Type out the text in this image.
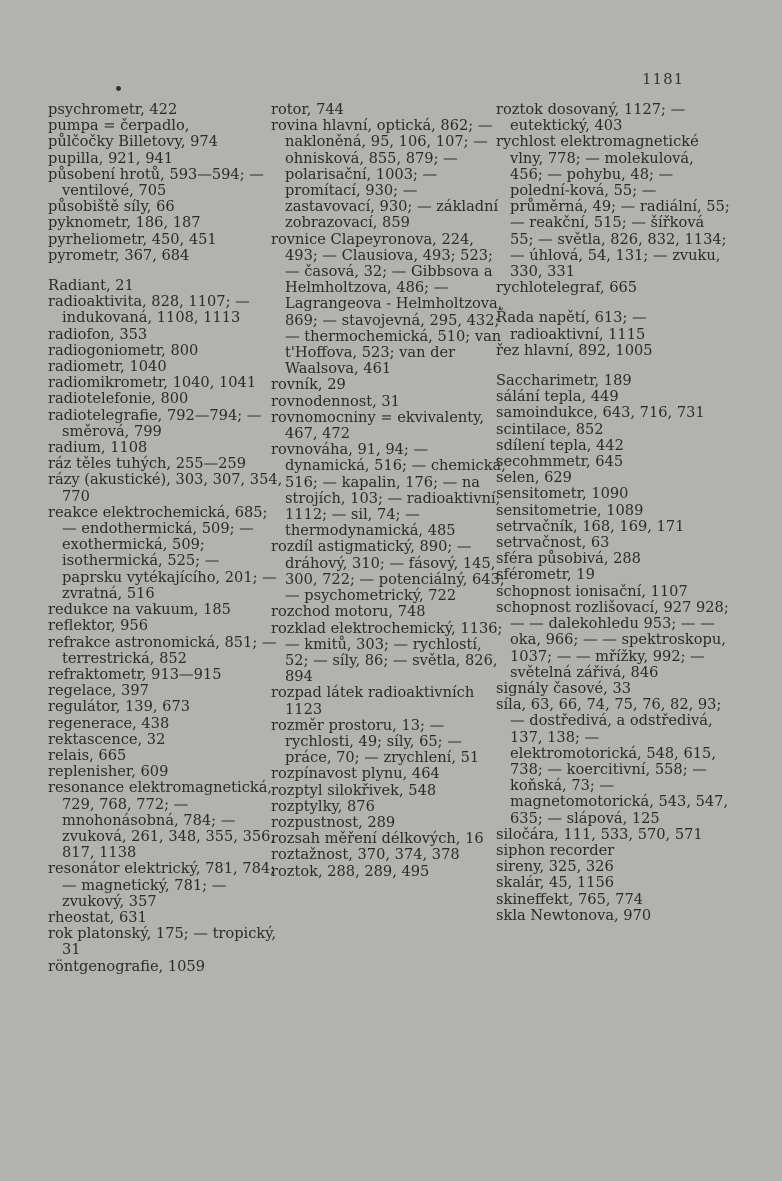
1181
psychrometr, 422
pumpa = čerpadlo,
půlčočky Billetovy, 974
pupilla, 921, 941
působení hrotů, 593—594; — ventilové, 705
působiště síly, 66
pyknometr, 186, 187
pyrheliometr, 450, 451
pyrometr, 367, 684
Radiant, 21
radioaktivita, 828, 1107; — indukovaná, 1108, 1113
radiofon, 353
radiogoniometr, 800
radiometr, 1040
radiomikrometr, 1040, 1041
radiotelefonie, 800
radiotelegrafie, 792—794; — směrová, 799
radium, 1108
ráz těles tuhých, 255—259
rázy (akustické), 303, 307, 354, 770
reakce elektrochemická, 685; — endothermická, 509; — exothermická, 509; isothermická, 525; — paprsku vytékajícího, 201; — zvratná, 516
redukce na vakuum, 185
reflektor, 956
refrakce astronomická, 851; — terrestrická, 852
refraktometr, 913—915
regelace, 397
regulátor, 139, 673
regenerace, 438
rektascence, 32
relais, 665
replenisher, 609
resonance elektromagnetická, 729, 768, 772; — mnohonásobná, 784; — zvuková, 261, 348, 355, 356, 817, 1138
resonátor elektrický, 781, 784; — magnetický, 781; — zvukový, 357
rheostat, 631
rok platonský, 175; — tropický, 31
röntgenografie, 1059
rotor, 744
rovina hlavní, optická, 862; — nakloněná, 95, 106, 107; — ohnisková, 855, 879; — polarisační, 1003; — promítací, 930; — zastavovací, 930; — základní zobrazovací, 859
rovnice Clapeyronova, 224, 493; — Clausiova, 493; 523; — časová, 32; — Gibbsova a Helmholtzova, 486; — Lagrangeova - Helmholtzova, 869; — stavojevná, 295, 432; — thermochemická, 510; van t'Hoffova, 523; van der Waalsova, 461
rovník, 29
rovnodennost, 31
rovnomocniny = ekvivalenty, 467, 472
rovnováha, 91, 94; — dynamická, 516; — chemická, 516; — kapalin, 176; — na strojích, 103; — radioaktivní, 1112; — sil, 74; — thermodynamická, 485
rozdíl astigmatický, 890; — dráhový, 310; — fásový, 145, 300, 722; — potenciálný, 643; — psychometrický, 722
rozchod motoru, 748
rozklad elektrochemický, 1136; — kmitů, 303; — rychlostí, 52; — síly, 86; — světla, 826, 894
rozpad látek radioaktivních 1123
rozměr prostoru, 13; — rychlosti, 49; síly, 65; — práce, 70; — zrychlení, 51
rozpínavost plynu, 464
rozptyl silokřivek, 548
rozptylky, 876
rozpustnost, 289
rozsah měření délkových, 16
roztažnost, 370, 374, 378
roztok, 288, 289, 495
roztok dosovaný, 1127; — eutektický, 403
rychlost elektromagnetické vlny, 778; — molekulová, 456; — pohybu, 48; — polední-ková, 55; — průměrná, 49; — radiální, 55; — reakční, 515; — šířková 55; — světla, 826, 832, 1134; — úhlová, 54, 131; — zvuku, 330, 331
rychlotelegraf, 665
Řada napětí, 613; — radioaktivní, 1115
řez hlavní, 892, 1005
Saccharimetr, 189
sálání tepla, 449
samoindukce, 643, 716, 731
scintilace, 852
sdílení tepla, 442
secohmmetr, 645
selen, 629
sensitometr, 1090
sensitometrie, 1089
setrvačník, 168, 169, 171
setrvačnost, 63
sféra působivá, 288
sférometr, 19
schopnost ionisační, 1107
schopnost rozlišovací, 927 928; — — dalekohledu 953; — — oka, 966; — — spektroskopu, 1037; — — mřížky, 992; — světelná zářivá, 846
signály časové, 33
síla, 63, 66, 74, 75, 76, 82, 93; — dostředivá, a odstředivá, 137, 138; — elektromotorická, 548, 615, 738; — koercitivní, 558; — koňská, 73; — magnetomotorická, 543, 547, 635; — slápová, 125
siločára, 111, 533, 570, 571
siphon recorder
sireny, 325, 326
skalár, 45, 1156
skineffekt, 765, 774
skla Newtonova, 970
